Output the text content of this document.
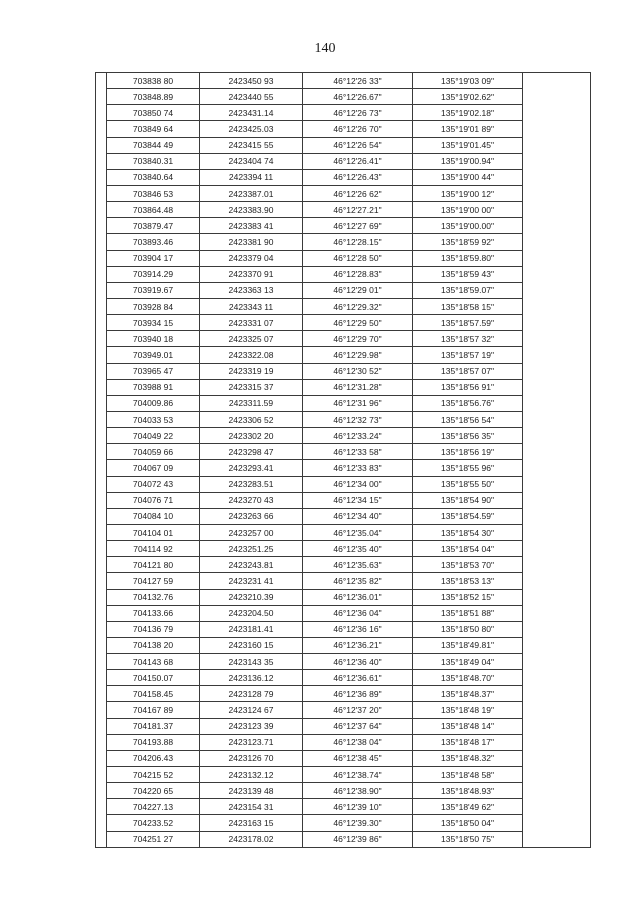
140
	703838 80	2423450 93	46°12'26 33"	135°19'03 09"	
	703848.89	2423440 55	46°12'26.67"	135°19'02.62"	
	703850 74	2423431.14	46°12'26 73"	135°19'02.18"	
	703849 64	2423425.03	46°12'26 70"	135°19'01 89"	
	703844 49	2423415 55	46°12'26 54"	135°19'01.45"	
	703840.31	2423404 74	46°12'26.41"	135°19'00.94"	
	703840.64	2423394 11	46°12'26.43"	135°19'00 44"	
	703846 53	2423387.01	46°12'26 62"	135°19'00 12"	
	703864.48	2423383.90	46°12'27.21"	135°19'00 00"	
	703879.47	2423383 41	46°12'27 69"	135°19'00.00"	
	703893.46	2423381 90	46°12'28.15"	135°18'59 92"	
	703904 17	2423379 04	46°12'28 50"	135°18'59.80"	
	703914.29	2423370 91	46°12'28.83"	135°18'59 43"	
	703919.67	2423363 13	46°12'29 01"	135°18'59.07"	
	703928 84	2423343 11	46°12'29.32"	135°18'58 15"	
	703934 15	2423331 07	46°12'29 50"	135°18'57.59"	
	703940 18	2423325 07	46°12'29 70"	135°18'57 32"	
	703949.01	2423322.08	46°12'29.98"	135°18'57 19"	
	703965 47	2423319 19	46°12'30 52"	135°18'57 07"	
	703988 91	2423315 37	46°12'31.28"	135°18'56 91"	
	704009.86	2423311.59	46°12'31 96"	135°18'56.76"	
	704033 53	2423306 52	46°12'32 73"	135°18'56 54"	
	704049 22	2423302 20	46°12'33.24"	135°18'56 35"	
	704059 66	2423298 47	46°12'33 58"	135°18'56 19"	
	704067 09	2423293.41	46°12'33 83"	135°18'55 96"	
	704072 43	2423283.51	46°12'34 00"	135°18'55 50"	
	704076 71	2423270 43	46°12'34 15"	135°18'54 90"	
	704084 10	2423263 66	46°12'34 40"	135°18'54.59"	
	704104 01	2423257 00	46°12'35.04"	135°18'54 30"	
	704114 92	2423251.25	46°12'35 40"	135°18'54 04"	
	704121 80	2423243.81	46°12'35.63"	135°18'53 70"	
	704127 59	2423231 41	46°12'35 82"	135°18'53 13"	
	704132.76	2423210.39	46°12'36.01"	135°18'52 15"	
	704133.66	2423204.50	46°12'36 04"	135°18'51 88"	
	704136 79	2423181.41	46°12'36 16"	135°18'50 80"	
	704138 20	2423160 15	46°12'36.21"	135°18'49.81"	
	704143 68	2423143 35	46°12'36 40"	135°18'49 04"	
	704150.07	2423136.12	46°12'36.61"	135°18'48.70"	
	704158.45	2423128 79	46°12'36 89"	135°18'48.37"	
	704167 89	2423124 67	46°12'37 20"	135°18'48 19"	
	704181.37	2423123 39	46°12'37 64"	135°18'48 14"	
	704193.88	2423123.71	46°12'38 04"	135°18'48 17"	
	704206.43	2423126 70	46°12'38 45"	135°18'48.32"	
	704215 52	2423132.12	46°12'38.74"	135°18'48 58"	
	704220 65	2423139 48	46°12'38.90"	135°18'48.93"	
	704227.13	2423154 31	46°12'39 10"	135°18'49 62"	
	704233.52	2423163 15	46°12'39.30"	135°18'50 04"	
	704251 27	2423178.02	46°12'39 86"	135°18'50 75"	
